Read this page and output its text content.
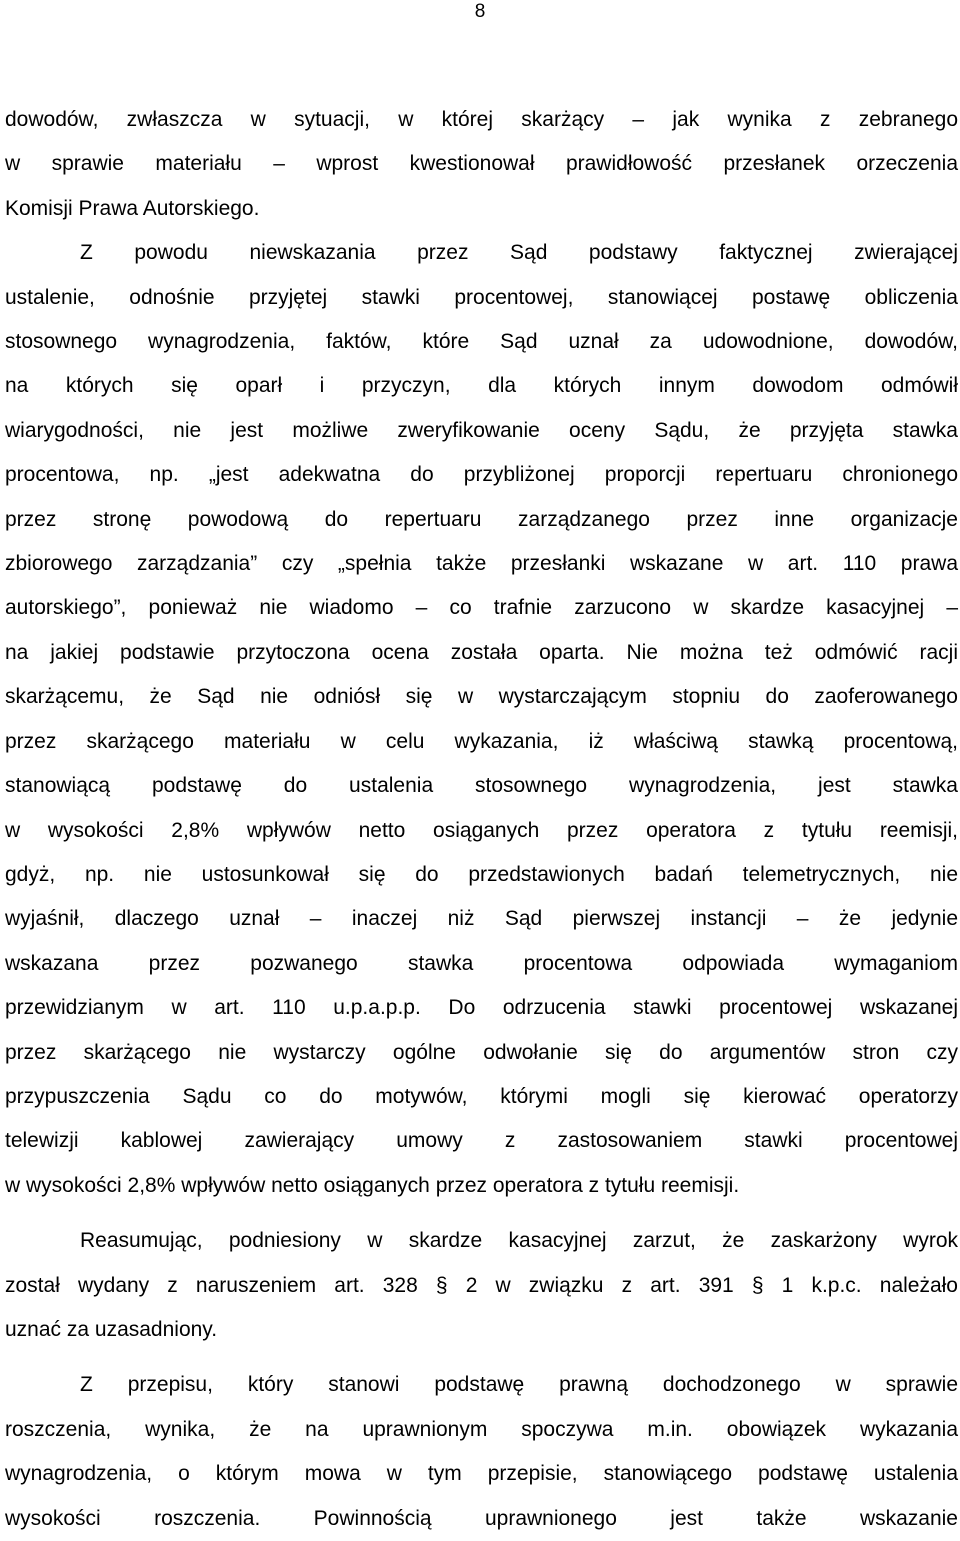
8

dowodów, zwłaszcza w sytuacji, w której skarżący – jak wynika z zebranego

w sprawie materiału – wprost kwestionował prawidłowość przesłanek orzeczenia

Komisji Prawa Autorskiego.

Z powodu niewskazania przez Sąd podstawy faktycznej zwierającej

ustalenie, odnośnie przyjętej stawki procentowej, stanowiącej postawę obliczenia

stosownego wynagrodzenia, faktów, które Sąd uznał za udowodnione, dowodów,

na których się oparł i przyczyn, dla których innym dowodom odmówił

wiarygodności, nie jest możliwe zweryfikowanie oceny Sądu, że przyjęta stawka

procentowa, np. „jest adekwatna do przybliżonej proporcji repertuaru chronionego

przez stronę powodową do repertuaru zarządzanego przez inne organizacje

zbiorowego zarządzania” czy „spełnia także przesłanki wskazane w art. 110 prawa

autorskiego”, ponieważ nie wiadomo – co trafnie zarzucono w skardze kasacyjnej –

na jakiej podstawie przytoczona ocena została oparta. Nie można też odmówić racji

skarżącemu, że Sąd nie odniósł się w wystarczającym stopniu do zaoferowanego

przez skarżącego materiału w celu wykazania, iż właściwą stawką procentową,

stanowiącą podstawę do ustalenia stosownego wynagrodzenia, jest stawka

w wysokości 2,8% wpływów netto osiąganych przez operatora z tytułu reemisji,

gdyż, np. nie ustosunkował się do przedstawionych badań telemetrycznych, nie

wyjaśnił, dlaczego uznał – inaczej niż Sąd pierwszej instancji – że jedynie

wskazana przez pozwanego stawka procentowa odpowiada wymaganiom

przewidzianym w art. 110 u.p.a.p.p. Do odrzucenia stawki procentowej wskazanej

przez skarżącego nie wystarczy ogólne odwołanie się do argumentów stron czy

przypuszczenia Sądu co do motywów, którymi mogli się kierować operatorzy

telewizji kablowej zawierający umowy z zastosowaniem stawki procentowej

w wysokości 2,8% wpływów netto osiąganych przez operatora z tytułu reemisji.

Reasumując, podniesiony w skardze kasacyjnej zarzut, że zaskarżony wyrok

został wydany z naruszeniem art. 328 § 2 w związku z art. 391 § 1 k.p.c. należało

uznać za uzasadniony.

Z przepisu, który stanowi podstawę prawną dochodzonego w sprawie

roszczenia, wynika, że na uprawnionym spoczywa m.in. obowiązek wykazania

wynagrodzenia, o którym mowa w tym przepisie, stanowiącego podstawę ustalenia

wysokości roszczenia. Powinnością uprawnionego jest także wskazanie
